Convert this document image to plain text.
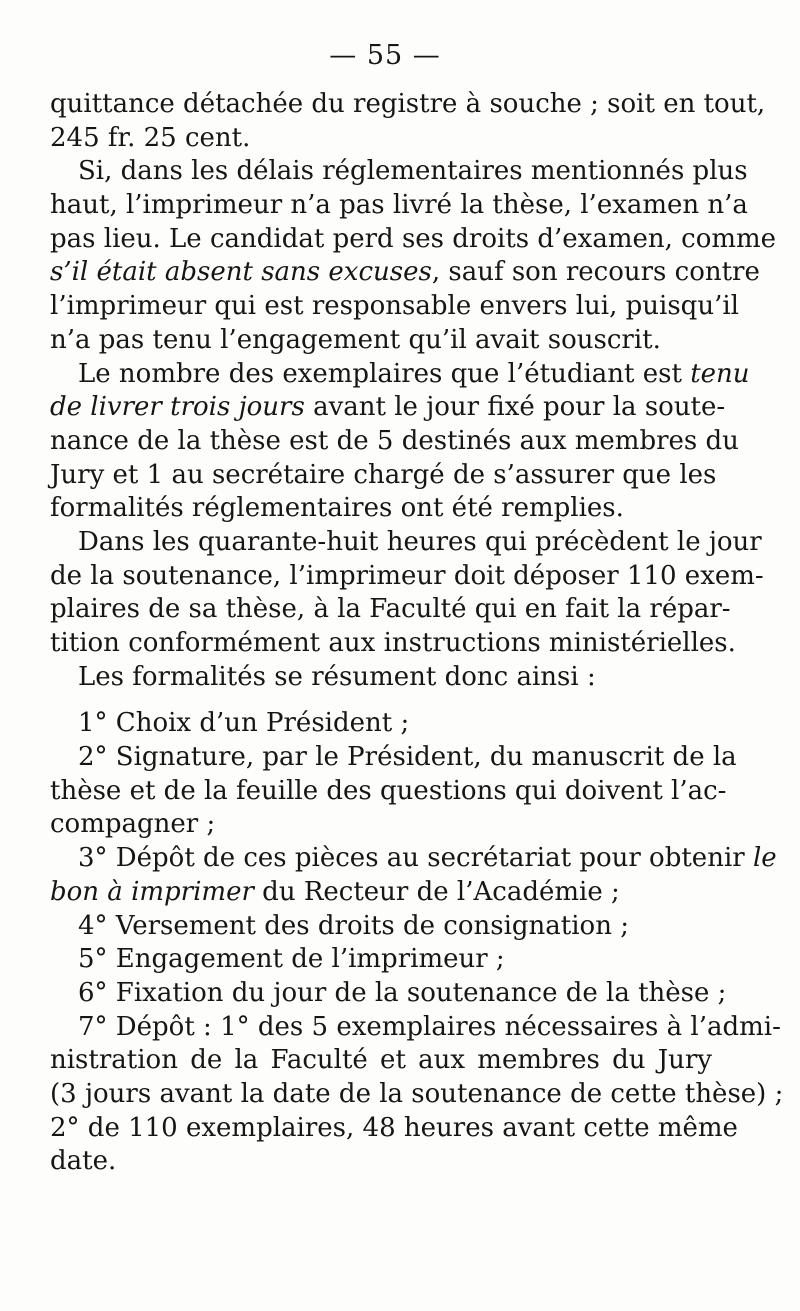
— 55 —
quittance détachée du registre à souche ; soit en tout,
245 fr. 25 cent.
Si, dans les délais réglementaires mentionnés plus
haut, l’imprimeur n’a pas livré la thèse, l’examen n’a
pas lieu. Le candidat perd ses droits d’examen, comme
s’il était absent sans excuses, sauf son recours contre
l’imprimeur qui est responsable envers lui, puisqu’il
n’a pas tenu l’engagement qu’il avait souscrit.
Le nombre des exemplaires que l’étudiant est tenu
de livrer trois jours avant le jour fixé pour la soute-
nance de la thèse est de 5 destinés aux membres du
Jury et 1 au secrétaire chargé de s’assurer que les
formalités réglementaires ont été remplies.
Dans les quarante-huit heures qui précèdent le jour
de la soutenance, l’imprimeur doit déposer 110 exem-
plaires de sa thèse, à la Faculté qui en fait la répar-
tition conformément aux instructions ministérielles.
Les formalités se résument donc ainsi :
1° Choix d’un Président ;
2° Signature, par le Président, du manuscrit de la
thèse et de la feuille des questions qui doivent l’ac-
compagner ;
3° Dépôt de ces pièces au secrétariat pour obtenir le
bon à imprimer du Recteur de l’Académie ;
4° Versement des droits de consignation ;
5° Engagement de l’imprimeur ;
6° Fixation du jour de la soutenance de la thèse ;
7° Dépôt : 1° des 5 exemplaires nécessaires à l’admi-
nistration de la Faculté et aux membres du Jury
(3 jours avant la date de la soutenance de cette thèse) ;
2° de 110 exemplaires, 48 heures avant cette même
date.
